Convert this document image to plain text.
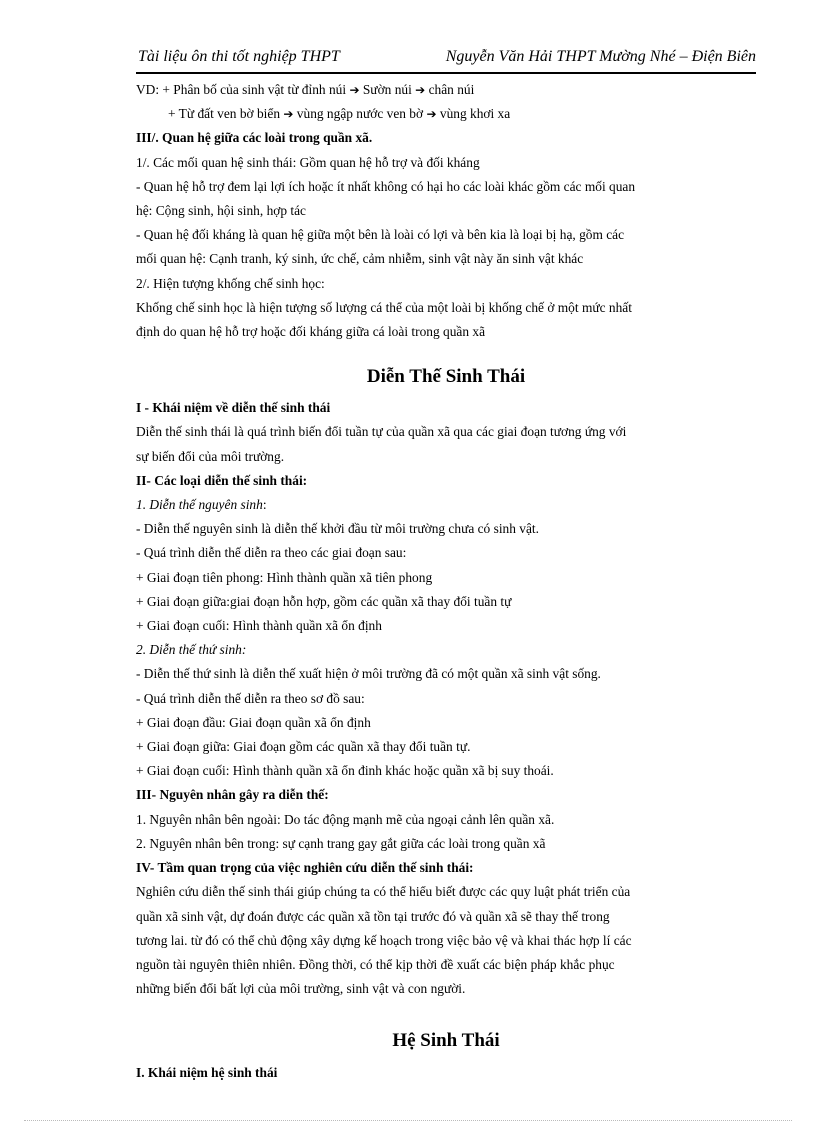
Tài liệu ôn thi tốt nghiệp THPT	Nguyễn Văn Hải THPT Mường Nhé – Điện Biên
VD: + Phân bố của sinh vật từ đỉnh núi ➔ Sườn núi ➔ chân núi
+ Từ đất ven bờ biển ➔ vùng ngập nước ven bờ ➔ vùng khơi xa
III/. Quan hệ giữa các loài trong quần xã.
1/. Các mối quan hệ sinh thái: Gồm quan hệ hỗ trợ và đối kháng
- Quan hệ hỗ trợ đem lại lợi ích hoặc ít nhất không có hại ho các loài khác gồm các mối quan
hệ: Cộng sinh, hội sinh, hợp tác
- Quan hệ đối kháng là quan hệ giữa một bên là loài có lợi và bên kia là loại bị hạ, gồm các
mối quan hệ: Cạnh tranh, ký sinh, ức chế, cảm nhiễm, sinh vật này ăn sinh vật khác
2/. Hiện tượng khống chế sinh học:
Khống chế sinh học là hiện tượng số lượng cá thể của một loài bị khống chế ở một mức nhất
định do quan hệ hỗ trợ hoặc đối kháng giữa cá loài trong quần xã
Diễn Thế Sinh Thái
I - Khái niệm về diễn thế sinh thái
Diễn thế sinh thái là quá trình biến đổi tuần tự của quần xã qua các giai đoạn tương ứng với
sự biến đổi của môi trường.
II- Các loại diễn thế sinh thái:
1. Diễn thế nguyên sinh:
- Diễn thế nguyên sinh là diễn thế khởi đầu từ môi trường chưa có sinh vật.
- Quá trình diễn thế diễn ra theo các giai đoạn sau:
+ Giai đoạn tiên phong: Hình thành quần xã tiên phong
+ Giai đoạn giữa:giai đoạn hỗn hợp, gồm các quần xã thay đổi tuần tự
+ Giai đoạn cuối: Hình thành quần xã ổn định
2. Diễn thế thứ sinh:
- Diễn thế thứ sinh là diễn thế xuất hiện ở môi trường đã có một quần xã sinh vật sống.
- Quá trình diễn thế diễn ra theo sơ đồ sau:
+ Giai đoạn đầu: Giai đoạn quần xã ổn định
+ Giai đoạn giữa: Giai đoạn gồm các quần xã thay đổi tuần tự.
+ Giai đoạn cuối: Hình thành quần xã ổn đinh khác hoặc quần xã bị suy thoái.
III- Nguyên nhân gây ra diễn thế:
1. Nguyên nhân bên ngoài: Do tác động mạnh mẽ của ngoại cảnh lên quần xã.
2. Nguyên nhân bên trong: sự cạnh trang gay gắt giữa các loài trong quần xã
IV- Tầm quan trọng của việc nghiên cứu diễn thế sinh thái:
Nghiên cứu diễn thế sinh thái giúp chúng ta có thể hiểu biết được các quy luật phát triển của
quần xã sinh vật, dự đoán được các quần xã tồn tại trước đó và quần xã sẽ thay thế trong
tương lai. từ đó có thể chủ động xây dựng kế hoạch trong việc bảo vệ và khai thác hợp lí các
nguồn tài nguyên thiên nhiên. Đồng thời, có thể kịp thời đề xuất các biện pháp khắc phục
những biến đổi bất lợi của môi trường, sinh vật và con người.
Hệ Sinh Thái
I. Khái niệm hệ sinh thái
